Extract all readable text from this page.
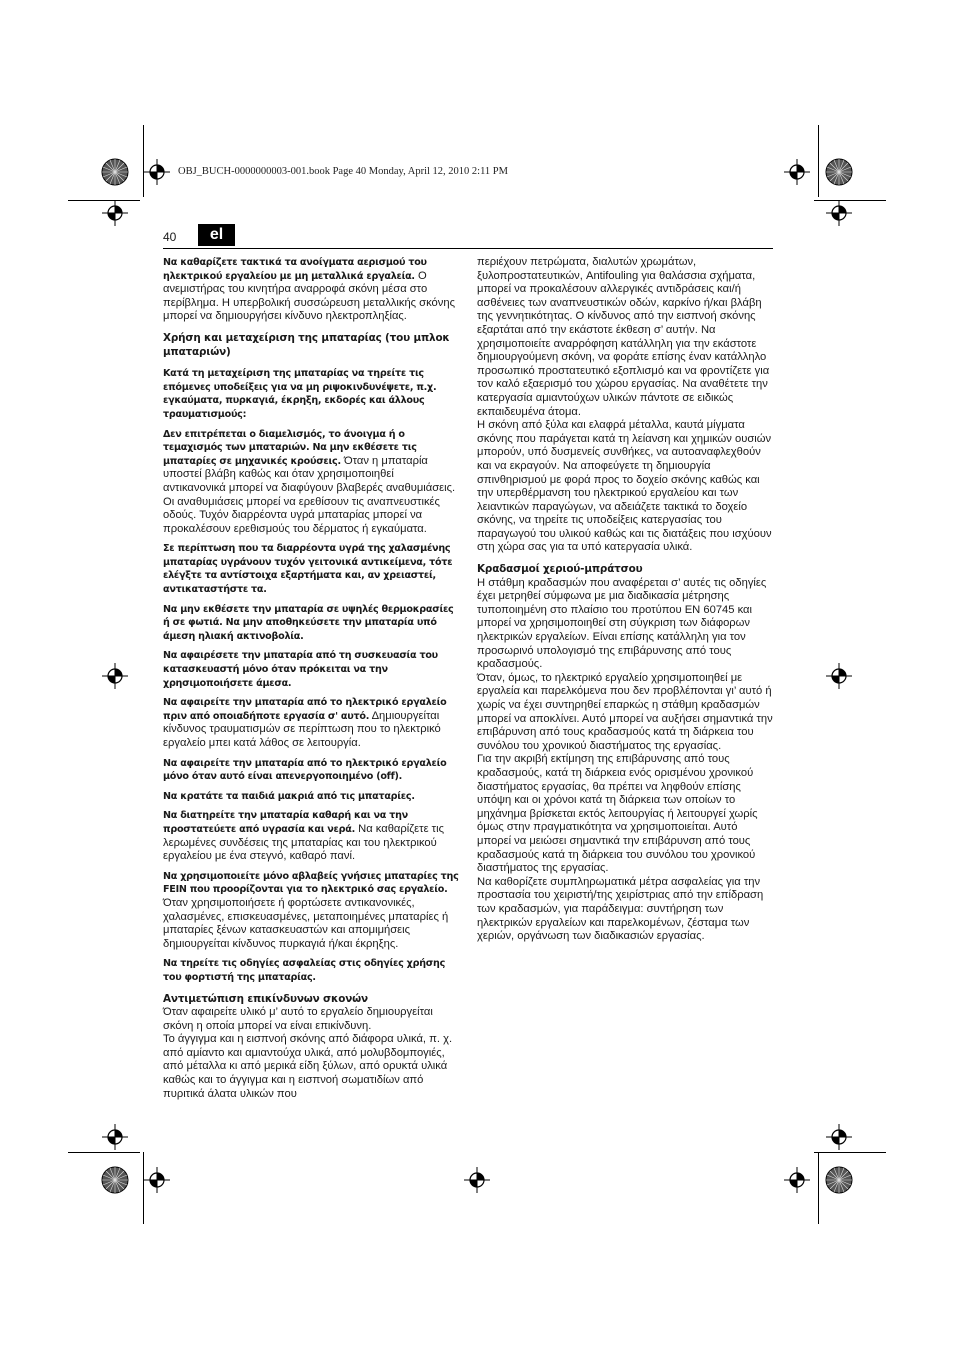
OBJ_BUCH-0000000003-001.book Page 40 Monday, April 12, 2010 2:11 PM
40	el

Να καθαρίζετε τακτικά τα ανοίγματα αερισμού του ηλεκτρικού εργαλείου με μη μεταλλικά εργαλεία. Ο ανεμιστήρας του κινητήρα αναρροφά σκόνη μέσα στο περίβλημα. Η υπερβολική συσσώρευση μεταλλικής σκόνης μπορεί να δημιουργήσει κίνδυνο ηλεκτροπληξίας.

Χρήση και μεταχείριση της μπαταρίας (του μπλοκ μπαταριών)

Κατά τη μεταχείριση της μπαταρίας να τηρείτε τις επόμενες υποδείξεις για να μη ριψοκινδυνέψετε, π.χ. εγκαύματα, πυρκαγιά, έκρηξη, εκδορές και άλλους τραυματισμούς:

Δεν επιτρέπεται ο διαμελισμός, το άνοιγμα ή ο τεμαχισμός των μπαταριών. Να μην εκθέσετε τις μπαταρίες σε μηχανικές κρούσεις. Όταν η μπαταρία υποστεί βλάβη καθώς και όταν χρησιμοποιηθεί αντικανονικά μπορεί να διαφύγουν βλαβερές αναθυμιάσεις. Οι αναθυμιάσεις μπορεί να ερεθίσουν τις αναπνευστικές οδούς. Τυχόν διαρρέοντα υγρά μπαταρίας μπορεί να προκαλέσουν ερεθισμούς του δέρματος ή εγκαύματα.

Σε περίπτωση που τα διαρρέοντα υγρά της χαλασμένης μπαταρίας υγράνουν τυχόν γειτονικά αντικείμενα, τότε ελέγξτε τα αντίστοιχα εξαρτήματα και, αν χρειαστεί, αντικαταστήστε τα.

Να μην εκθέσετε την μπαταρία σε υψηλές θερμοκρασίες ή σε φωτιά. Να μην αποθηκεύσετε την μπαταρία υπό άμεση ηλιακή ακτινοβολία.

Να αφαιρέσετε την μπαταρία από τη συσκευασία του κατασκευαστή μόνο όταν πρόκειται να την χρησιμοποιήσετε άμεσα.

Να αφαιρείτε την μπαταρία από το ηλεκτρικό εργαλείο πριν από οποιαδήποτε εργασία σ' αυτό. Δημιουργείται κίνδυνος τραυματισμών σε περίπτωση που το ηλεκτρικό εργαλείο μπει κατά λάθος σε λειτουργία.

Να αφαιρείτε την μπαταρία από το ηλεκτρικό εργαλείο μόνο όταν αυτό είναι απενεργοποιημένο (off).

Να κρατάτε τα παιδιά μακριά από τις μπαταρίες.

Να διατηρείτε την μπαταρία καθαρή και να την προστατεύετε από υγρασία και νερά. Να καθαρίζετε τις λερωμένες συνδέσεις της μπαταρίας και του ηλεκτρικού εργαλείου με ένα στεγνό, καθαρό πανί.

Να χρησιμοποιείτε μόνο αβλαβείς γνήσιες μπαταρίες της FEIN που προορίζονται για το ηλεκτρικό σας εργαλείο. Όταν χρησιμοποιήσετε ή φορτώσετε αντικανονικές, χαλασμένες, επισκευασμένες, μεταποιημένες μπαταρίες ή μπαταρίες ξένων κατασκευαστών και απομιμήσεις δημιουργείται κίνδυνος πυρκαγιά ή/και έκρηξης.

Να τηρείτε τις οδηγίες ασφαλείας στις οδηγίες χρήσης του φορτιστή της μπαταρίας.

Αντιμετώπιση επικίνδυνων σκονών

Όταν αφαιρείτε υλικό μ’ αυτό το εργαλείο δημιουργείται σκόνη η οποία μπορεί να είναι επικίνδυνη.

Το άγγιγμα και η εισπνοή σκόνης από διάφορα υλικά, π. χ. από αμίαντο και αμιαντούχα υλικά, από μολυβδομπογιές, από μέταλλα κι από μερικά είδη ξύλων, από ορυκτά υλικά καθώς και το άγγιγμα και η εισπνοή σωματιδίων από πυριτικά άλατα υλικών που

περιέχουν πετρώματα, διαλυτών χρωμάτων, ξυλοπροστατευτικών, Antifouling για θαλάσσια σχήματα, μπορεί να προκαλέσουν αλλεργικές αντιδράσεις και/ή ασθένειες των αναπνευστικών οδών, καρκίνο ή/και βλάβη της γεννητικότητας. Ο κίνδυνος από την εισπνοή σκόνης εξαρτάται από την εκάστοτε έκθεση σ’ αυτήν. Να χρησιμοποιείτε αναρρόφηση κατάλληλη για την εκάστοτε δημιουργούμενη σκόνη, να φοράτε επίσης έναν κατάλληλο προσωπικό προστατευτικό εξοπλισμό και να φροντίζετε για τον καλό εξαερισμό του χώρου εργασίας. Να αναθέτετε την κατεργασία αμιαντούχων υλικών πάντοτε σε ειδικώς εκπαιδευμένα άτομα.

Η σκόνη από ξύλα και ελαφρά μέταλλα, καυτά μίγματα σκόνης που παράγεται κατά τη λείανση και χημικών ουσιών μπορούν, υπό δυσμενείς συνθήκες, να αυτοαναφλεχθούν και να εκραγούν. Να αποφεύγετε τη δημιουργία σπινθηρισμού με φορά προς το δοχείο σκόνης καθώς και την υπερθέρμανση του ηλεκτρικού εργαλείου και των λειαντικών παραγώγων, να αδειάζετε τακτικά το δοχείο σκόνης, να τηρείτε τις υποδείξεις κατεργασίας του παραγωγού του υλικού καθώς και τις διατάξεις που ισχύουν στη χώρα σας για τα υπό κατεργασία υλικά.

Κραδασμοί χεριού-μπράτσου

Η στάθμη κραδασμών που αναφέρεται σ’ αυτές τις οδηγίες έχει μετρηθεί σύμφωνα με μια διαδικασία μέτρησης τυποποιημένη στο πλαίσιο του προτύπου EN 60745 και μπορεί να χρησιμοποιηθεί στη σύγκριση των διάφορων ηλεκτρικών εργαλείων. Είναι επίσης κατάλληλη για τον προσωρινό υπολογισμό της επιβάρυνσης από τους κραδασμούς.

Όταν, όμως, το ηλεκτρικό εργαλείο χρησιμοποιηθεί με εργαλεία και παρελκόμενα που δεν προβλέπονται γι’ αυτό ή χωρίς να έχει συντηρηθεί επαρκώς η στάθμη κραδασμών μπορεί να αποκλίνει. Αυτό μπορεί να αυξήσει σημαντικά την επιβάρυνση από τους κραδασμούς κατά τη διάρκεια του συνόλου του χρονικού διαστήματος της εργασίας.

Για την ακριβή εκτίμηση της επιβάρυνσης από τους κραδασμούς, κατά τη διάρκεια ενός ορισμένου χρονικού διαστήματος εργασίας, θα πρέπει να ληφθούν επίσης υπόψη και οι χρόνοι κατά τη διάρκεια των οποίων το μηχάνημα βρίσκεται εκτός λειτουργίας ή λειτουργεί χωρίς όμως στην πραγματικότητα να χρησιμοποιείται. Αυτό μπορεί να μειώσει σημαντικά την επιβάρυνση από τους κραδασμούς κατά τη διάρκεια του συνόλου του χρονικού διαστήματος της εργασίας.

Να καθορίζετε συμπληρωματικά μέτρα ασφαλείας για την προστασία του χειριστή/της χειρίστριας από την επίδραση των κραδασμών, για παράδειγμα: συντήρηση των ηλεκτρικών εργαλείων και παρελκομένων, ζέσταμα των χεριών, οργάνωση των διαδικασιών εργασίας.
